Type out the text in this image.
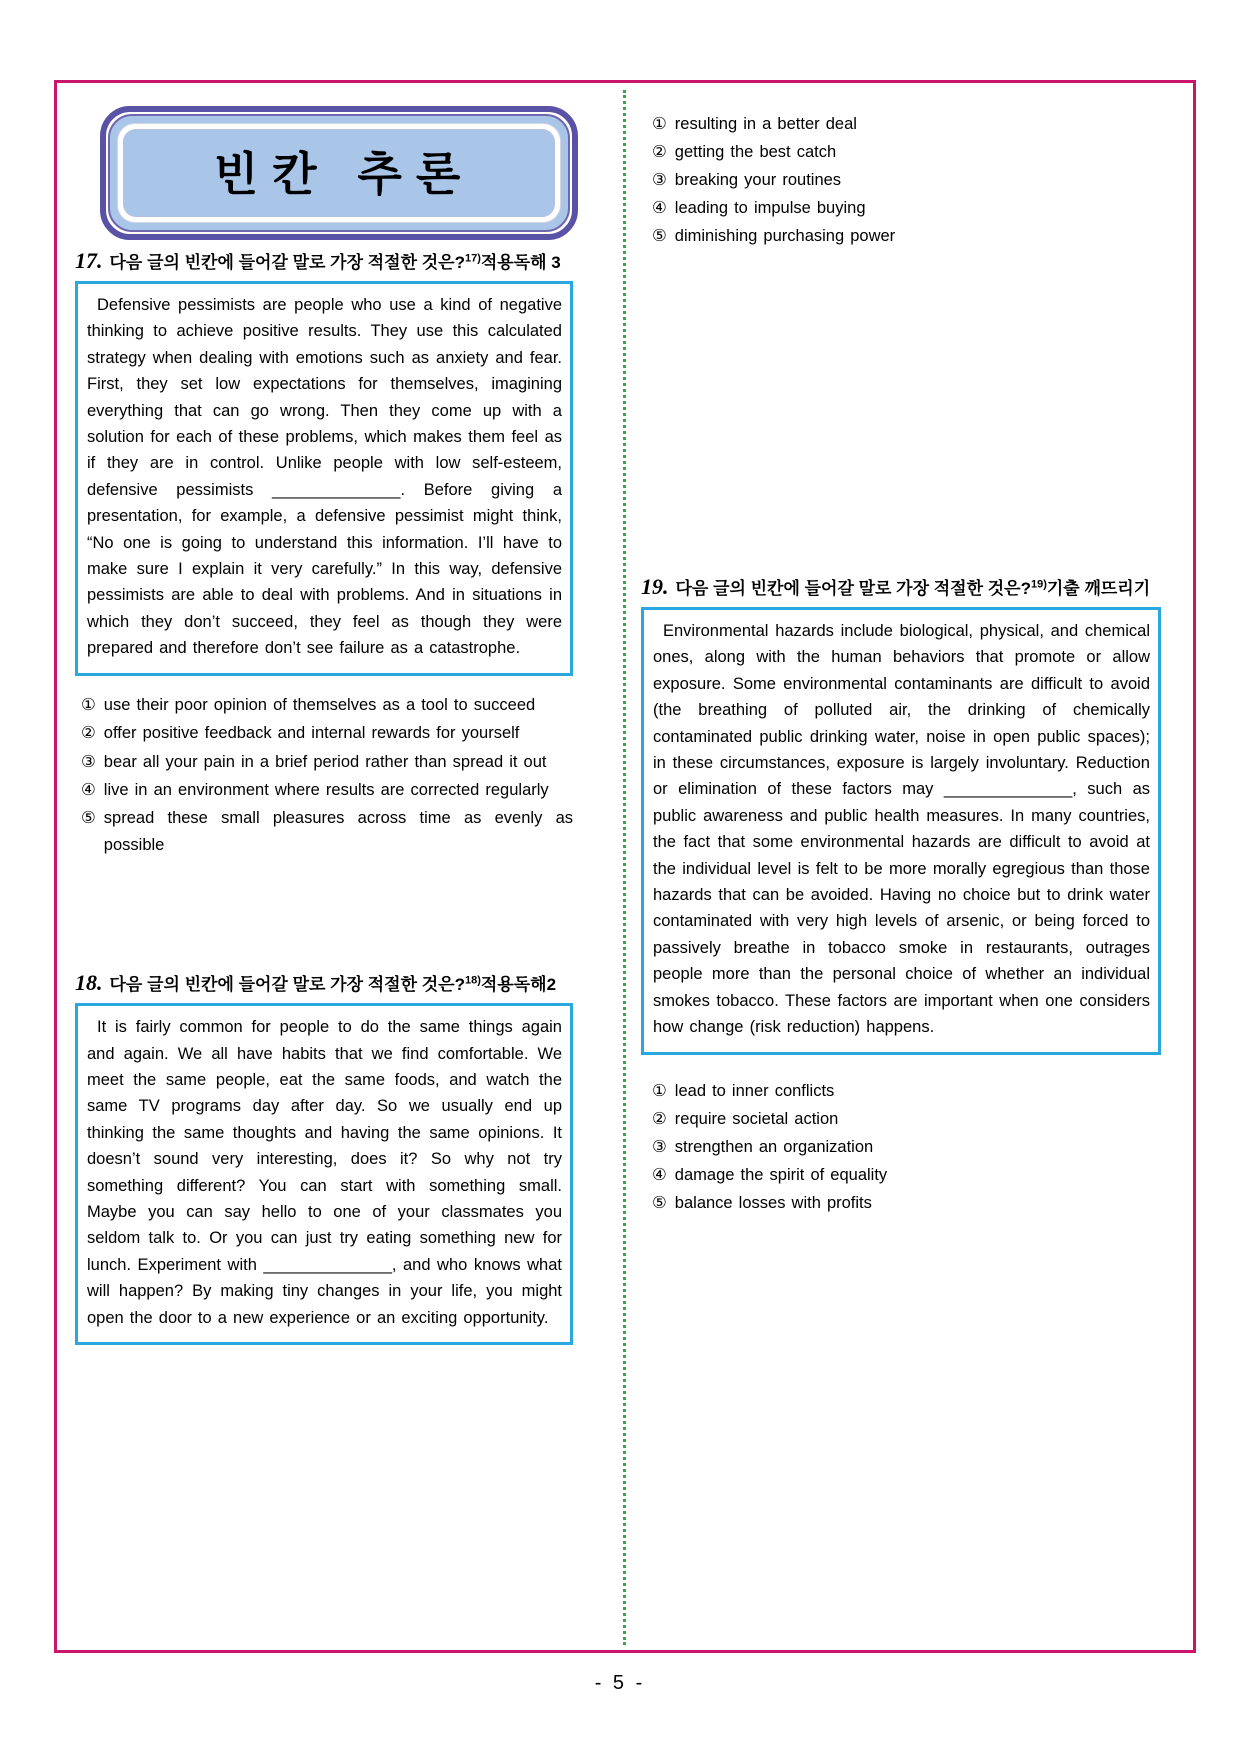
빈칸 추론
17. 다음 글의 빈칸에 들어갈 말로 가장 적절한 것은?$^{17)}$적용독해 3

Defensive pessimists are people who use a kind of negative thinking to achieve positive results. They use this calculated strategy when dealing with emotions such as anxiety and fear. First, they set low expectations for themselves, imagining everything that can go wrong. Then they come up with a solution for each of these problems, which makes them feel as if they are in control. Unlike people with low self-esteem, defensive pessimists ______________. Before giving a presentation, for example, a defensive pessimist might think, “No one is going to understand this information. I’ll have to make sure I explain it very carefully.” In this way, defensive pessimists are able to deal with problems. And in situations in which they don’t succeed, they feel as though they were prepared and therefore don’t see failure as a catastrophe.

① use their poor opinion of themselves as a tool to succeed
② offer positive feedback and internal rewards for yourself
③ bear all your pain in a brief period rather than spread it out
④ live in an environment where results are corrected regularly
⑤ spread these small pleasures across time as evenly as possible
18. 다음 글의 빈칸에 들어갈 말로 가장 적절한 것은?$^{18)}$적용독해2

It is fairly common for people to do the same things again and again. We all have habits that we find comfortable. We meet the same people, eat the same foods, and watch the same TV programs day after day. So we usually end up thinking the same thoughts and having the same opinions. It doesn’t sound very interesting, does it? So why not try something different? You can start with something small. Maybe you can say hello to one of your classmates you seldom talk to. Or you can just try eating something new for lunch. Experiment with ______________, and who knows what will happen? By making tiny changes in your life, you might open the door to a new experience or an exciting opportunity.

① resulting in a better deal
② getting the best catch
③ breaking your routines
④ leading to impulse buying
⑤ diminishing purchasing power
19. 다음 글의 빈칸에 들어갈 말로 가장 적절한 것은?$^{19)}$기출 깨뜨리기

Environmental hazards include biological, physical, and chemical ones, along with the human behaviors that promote or allow exposure. Some environmental contaminants are difficult to avoid (the breathing of polluted air, the drinking of chemically contaminated public drinking water, noise in open public spaces); in these circumstances, exposure is largely involuntary. Reduction or elimination of these factors may ______________, such as public awareness and public health measures. In many countries, the fact that some environmental hazards are difficult to avoid at the individual level is felt to be more morally egregious than those hazards that can be avoided. Having no choice but to drink water contaminated with very high levels of arsenic, or being forced to passively breathe in tobacco smoke in restaurants, outrages people more than the personal choice of whether an individual smokes tobacco. These factors are important when one considers how change (risk reduction) happens.

① lead to inner conflicts
② require societal action
③ strengthen an organization
④ damage the spirit of equality
⑤ balance losses with profits
- 5 -
